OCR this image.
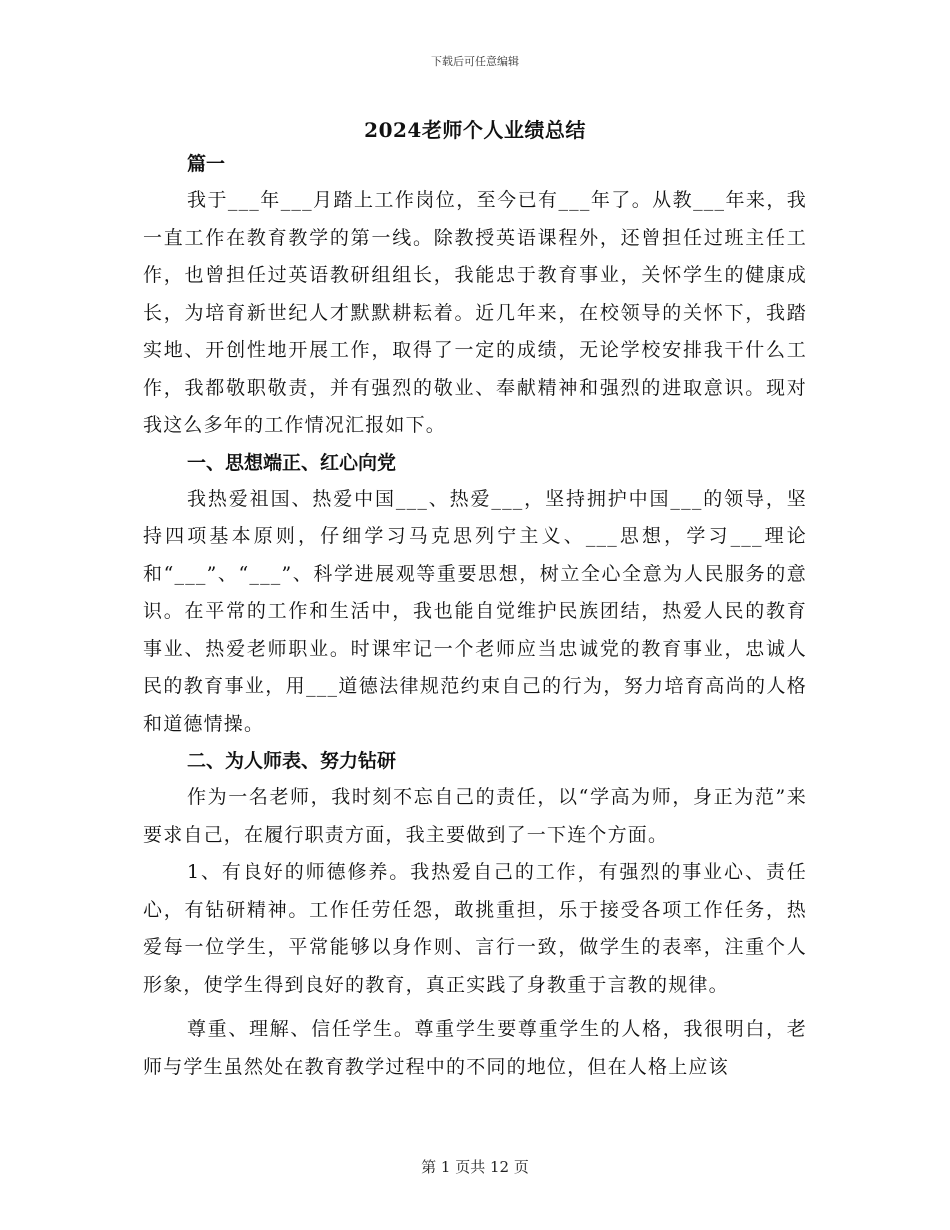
下载后可任意编辑
2024老师个人业绩总结
篇一

我于___年___月踏上工作岗位，至今已有___年了。从教___年来，我一直工作在教育教学的第一线。除教授英语课程外，还曾担任过班主任工作，也曾担任过英语教研组组长，我能忠于教育事业，关怀学生的健康成长，为培育新世纪人才默默耕耘着。近几年来，在校领导的关怀下，我踏实地、开创性地开展工作，取得了一定的成绩，无论学校安排我干什么工作，我都敬职敬责，并有强烈的敬业、奉献精神和强烈的进取意识。现对我这么多年的工作情况汇报如下。

一、思想端正、红心向党

我热爱祖国、热爱中国___、热爱___，坚持拥护中国___的领导，坚持四项基本原则，仔细学习马克思列宁主义、___思想，学习___理论和“___”、“___”、科学进展观等重要思想，树立全心全意为人民服务的意识。在平常的工作和生活中，我也能自觉维护民族团结，热爱人民的教育事业、热爱老师职业。时课牢记一个老师应当忠诚党的教育事业，忠诚人民的教育事业，用___道德法律规范约束自己的行为，努力培育高尚的人格和道德情操。

二、为人师表、努力钻研

作为一名老师，我时刻不忘自己的责任，以“学高为师，身正为范”来要求自己，在履行职责方面，我主要做到了一下连个方面。

1、有良好的师德修养。我热爱自己的工作，有强烈的事业心、责任心，有钻研精神。工作任劳任怨，敢挑重担，乐于接受各项工作任务，热爱每一位学生，平常能够以身作则、言行一致，做学生的表率，注重个人形象，使学生得到良好的教育，真正实践了身教重于言教的规律。

尊重、理解、信任学生。尊重学生要尊重学生的人格，我很明白，老师与学生虽然处在教育教学过程中的不同的地位，但在人格上应该

第 1 页共 12 页
